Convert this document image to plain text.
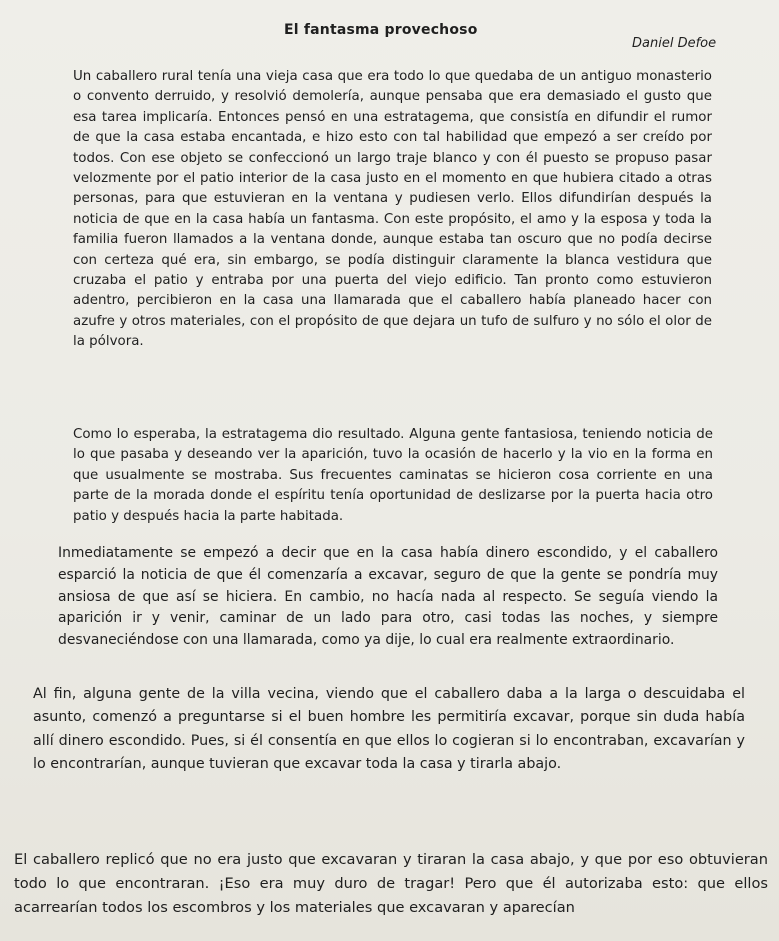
El fantasma provechoso

Daniel Defoe

Un caballero rural tenía una vieja casa que era todo lo que quedaba de un antiguo monasterio o convento derruido, y resolvió demolería, aunque pensaba que era demasiado el gusto que esa tarea implicaría. Entonces pensó en una estratagema, que consistía en difundir el rumor de que la casa estaba encantada, e hizo esto con tal habilidad que empezó a ser creído por todos. Con ese objeto se confeccionó un largo traje blanco y con él puesto se propuso pasar velozmente por el patio interior de la casa justo en el momento en que hubiera citado a otras personas, para que estuvieran en la ventana y pudiesen verlo. Ellos difundirían después la noticia de que en la casa había un fantasma. Con este propósito, el amo y la esposa y toda la familia fueron llamados a la ventana donde, aunque estaba tan oscuro que no podía decirse con certeza qué era, sin embargo, se podía distinguir claramente la blanca vestidura que cruzaba el patio y entraba por una puerta del viejo edificio. Tan pronto como estuvieron adentro, percibieron en la casa una llamarada que el caballero había planeado hacer con azufre y otros materiales, con el propósito de que dejara un tufo de sulfuro y no sólo el olor de la pólvora.

Como lo esperaba, la estratagema dio resultado. Alguna gente fantasiosa, teniendo noticia de lo que pasaba y deseando ver la aparición, tuvo la ocasión de hacerlo y la vio en la forma en que usualmente se mostraba. Sus frecuentes caminatas se hicieron cosa corriente en una parte de la morada donde el espíritu tenía oportunidad de deslizarse por la puerta hacia otro patio y después hacia la parte habitada.

Inmediatamente se empezó a decir que en la casa había dinero escondido, y el caballero esparció la noticia de que él comenzaría a excavar, seguro de que la gente se pondría muy ansiosa de que así se hiciera. En cambio, no hacía nada al respecto. Se seguía viendo la aparición ir y venir, caminar de un lado para otro, casi todas las noches, y siempre desvaneciéndose con una llamarada, como ya dije, lo cual era realmente extraordinario.

Al fin, alguna gente de la villa vecina, viendo que el caballero daba a la larga o descuidaba el asunto, comenzó a preguntarse si el buen hombre les permitiría excavar, porque sin duda había allí dinero escondido. Pues, si él consentía en que ellos lo cogieran si lo encontraban, excavarían y lo encontrarían, aunque tuvieran que excavar toda la casa y tirarla abajo.

El caballero replicó que no era justo que excavaran y tiraran la casa abajo, y que por eso obtuvieran todo lo que encontraran. ¡Eso era muy duro de tragar! Pero que él autorizaba esto: que ellos acarrearían todos los escombros y los materiales que excavaran y aparecían
